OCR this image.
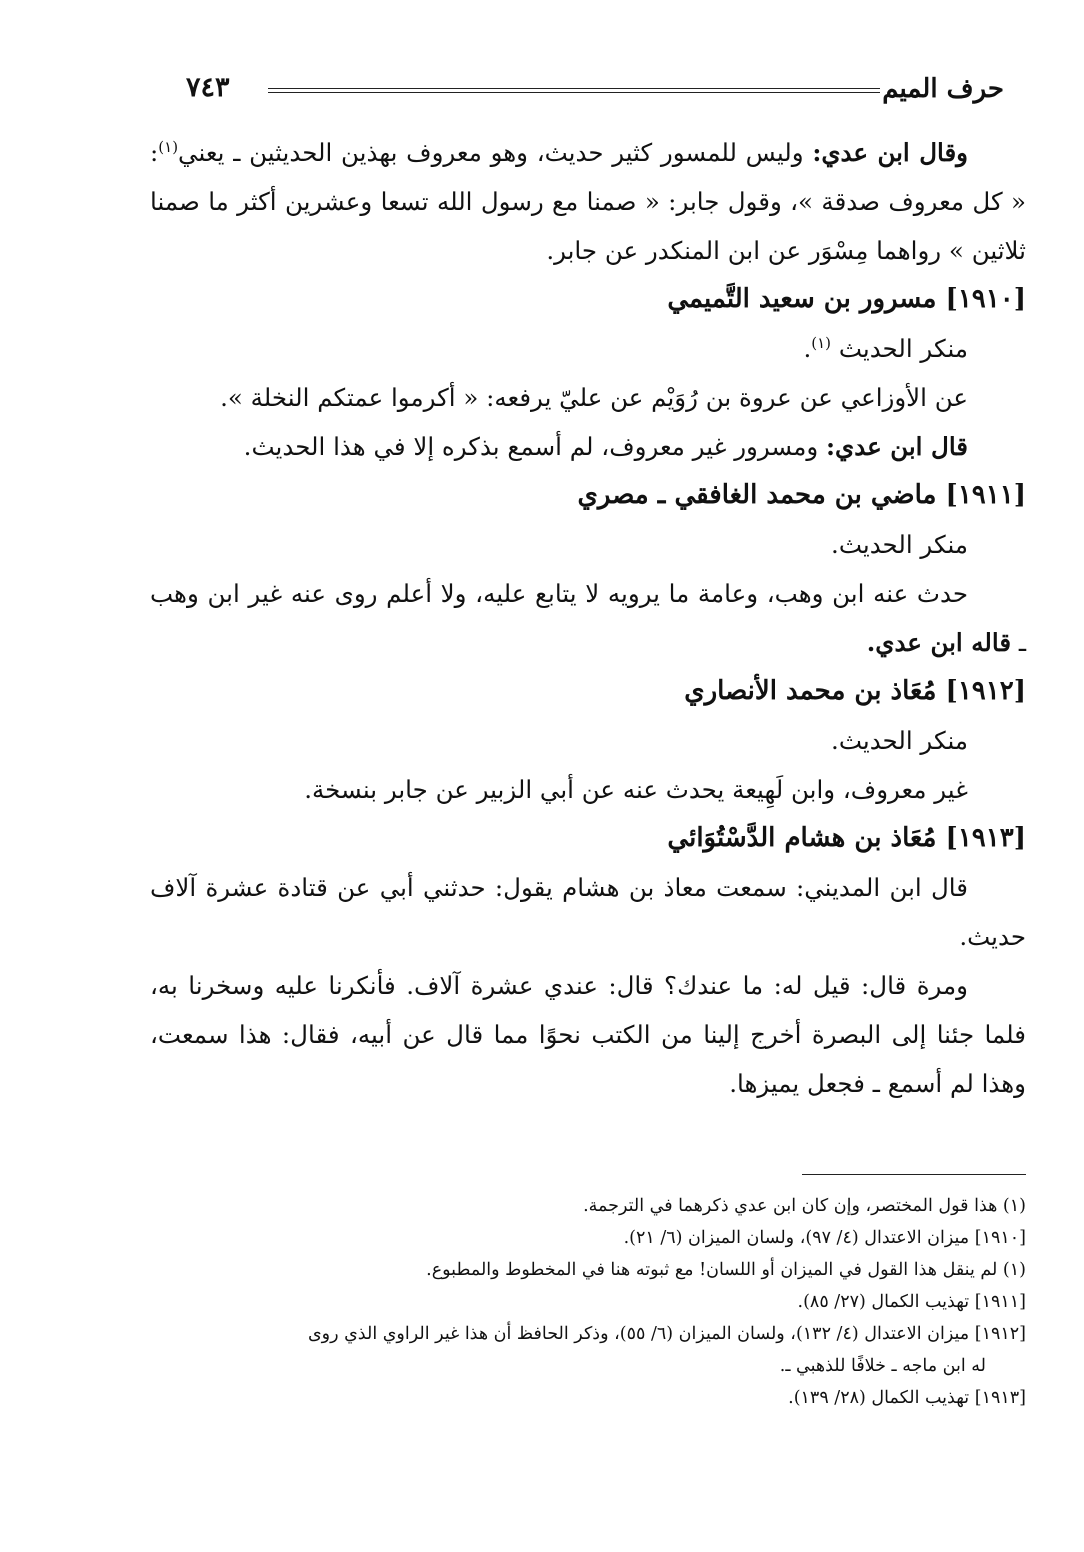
حرف الميم
٧٤٣

وقال ابن عدي: وليس للمسور كثير حديث، وهو معروف بهذين الحديثين ـ يعني$^{(١)}$: « كل معروف صدقة »، وقول جابر: « صمنا مع رسول الله تسعا وعشرين أكثر ما صمنا ثلاثين » رواهما مِسْوَر عن ابن المنكدر عن جابر.

[١٩١٠] مسرور بن سعيد التَّميمي

منكر الحديث $^{(١)}$.

عن الأوزاعي عن عروة بن رُوَيْم عن عليّ يرفعه: « أكرموا عمتكم النخلة ».

قال ابن عدي: ومسرور غير معروف، لم أسمع بذكره إلا في هذا الحديث.

[١٩١١] ماضي بن محمد الغافقي ـ مصري

منكر الحديث.

حدث عنه ابن وهب، وعامة ما يرويه لا يتابع عليه، ولا أعلم روى عنه غير ابن وهب ـ قاله ابن عدي.

[١٩١٢] مُعَاذ بن محمد الأنصاري

منكر الحديث.

غير معروف، وابن لَهِيعة يحدث عنه عن أبي الزبير عن جابر بنسخة.

[١٩١٣] مُعَاذ بن هشام الدَّسْتُوَائي

قال ابن المديني: سمعت معاذ بن هشام يقول: حدثني أبي عن قتادة عشرة آلاف حديث.

ومرة قال: قيل له: ما عندك؟ قال: عندي عشرة آلاف. فأنكرنا عليه وسخرنا به، فلما جئنا إلى البصرة أخرج إلينا من الكتب نحوًا مما قال عن أبيه، فقال: هذا سمعت، وهذا لم أسمع ـ فجعل يميزها.

(١) هذا قول المختصر، وإن كان ابن عدي ذكرهما في الترجمة.

[١٩١٠] ميزان الاعتدال (٤/ ٩٧)، ولسان الميزان (٦/ ٢١).

(١) لم ينقل هذا القول في الميزان أو اللسان! مع ثبوته هنا في المخطوط والمطبوع.

[١٩١١] تهذيب الكمال (٢٧/ ٨٥).

[١٩١٢] ميزان الاعتدال (٤/ ١٣٢)، ولسان الميزان (٦/ ٥٥)، وذكر الحافظ أن هذا غير الراوي الذي روى

له ابن ماجه ـ خلافًا للذهبي ـ.

[١٩١٣] تهذيب الكمال (٢٨/ ١٣٩).
